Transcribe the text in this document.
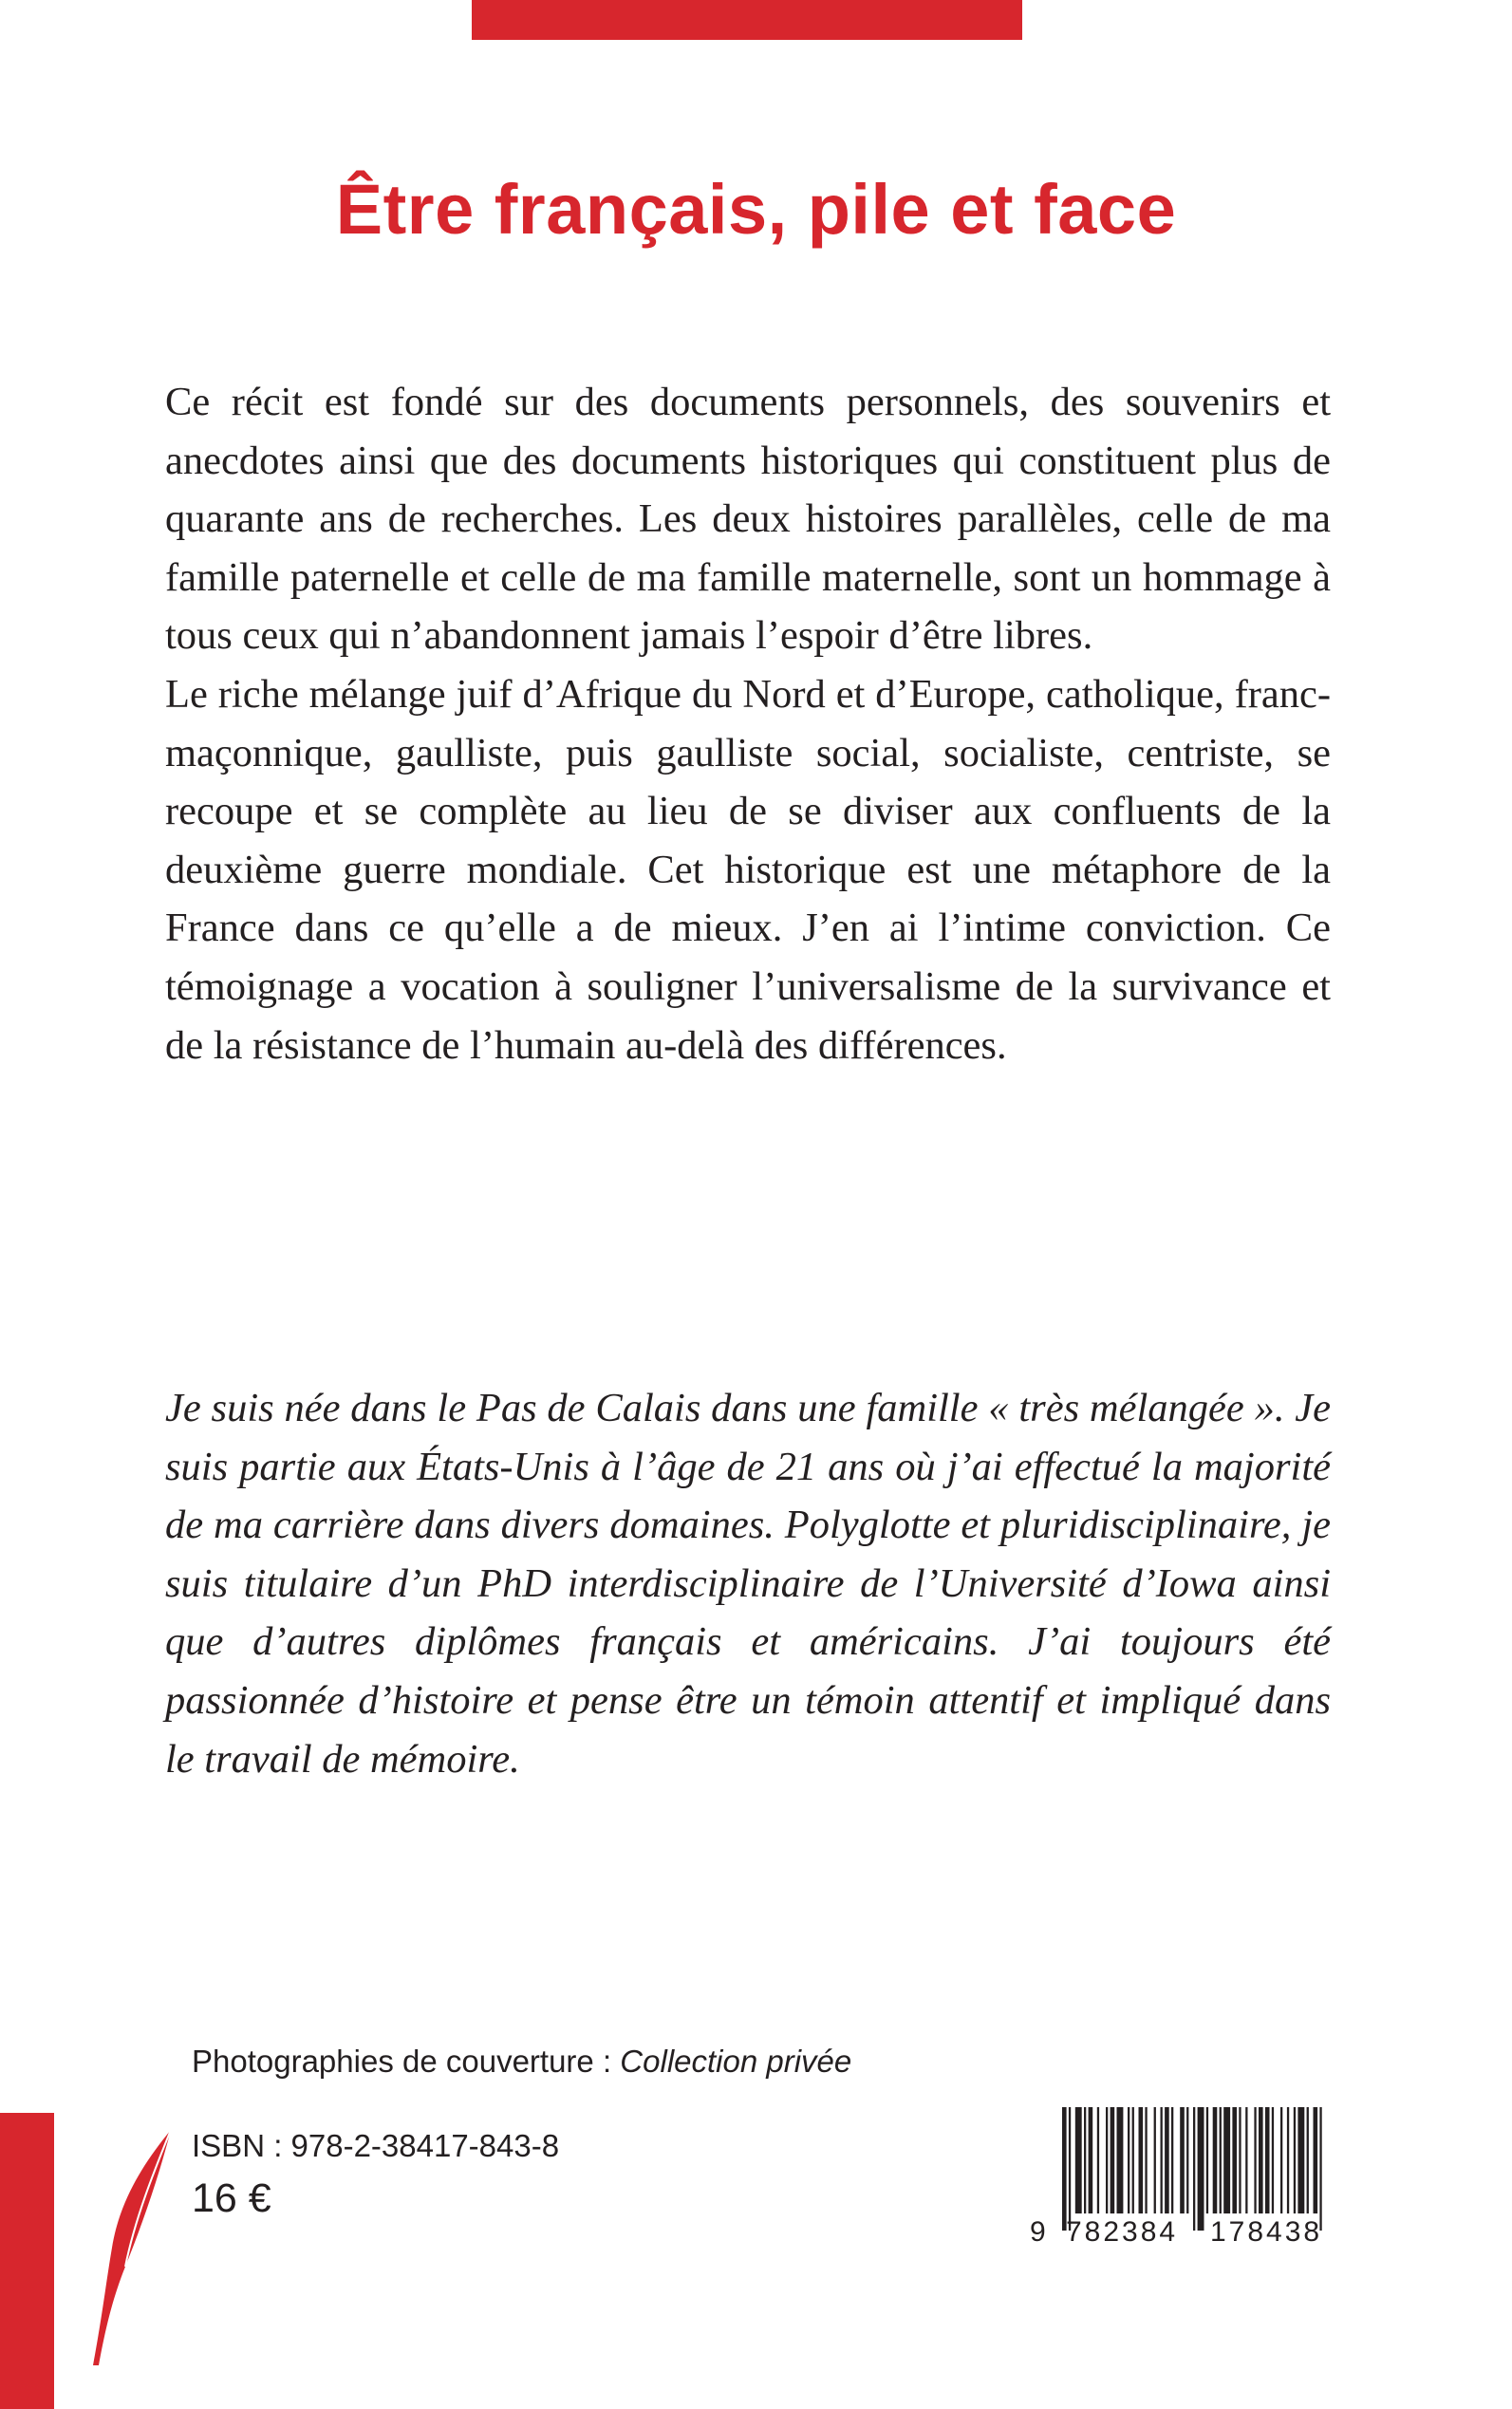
Être français, pile et face

Ce récit est fondé sur des documents personnels, des souvenirs et anecdotes ainsi que des documents historiques qui constituent plus de quarante ans de recherches. Les deux histoires parallèles, celle de ma famille paternelle et celle de ma famille maternelle, sont un hommage à tous ceux qui n’abandonnent jamais l’espoir d’être libres.

Le riche mélange juif d’Afrique du Nord et d’Europe, catholique, franc-maçonnique, gaulliste, puis gaulliste social, socialiste, centriste, se recoupe et se complète au lieu de se diviser aux confluents de la deuxième guerre mondiale. Cet historique est une métaphore de la France dans ce qu’elle a de mieux. J’en ai l’intime conviction. Ce témoignage a vocation à souligner l’universalisme de la survivance et de la résistance de l’humain au-delà des différences.

Je suis née dans le Pas de Calais dans une famille « très mélangée ». Je suis partie aux États-Unis à l’âge de 21 ans où j’ai effectué la majorité de ma carrière dans divers domaines. Polyglotte et pluridisciplinaire, je suis titulaire d’un PhD interdisciplinaire de l’Université d’Iowa ainsi que d’autres diplômes français et américains. J’ai toujours été passionnée d’histoire et pense être un témoin attentif et impliqué dans le travail de mémoire.

Photographies de couverture : Collection privée
ISBN : 978-2-38417-843-8
16 €
9 782384 178438
